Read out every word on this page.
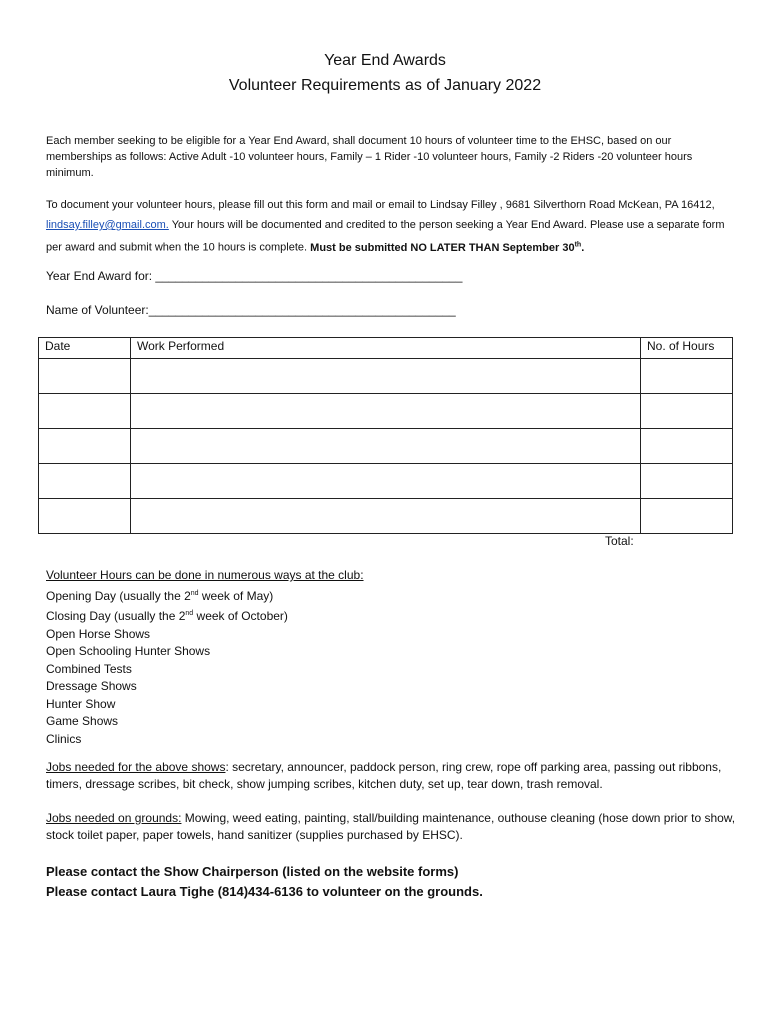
Year End Awards
Volunteer Requirements as of January 2022
Each member seeking to be eligible for a Year End Award, shall document 10 hours of volunteer time to the EHSC, based on our memberships as follows: Active Adult -10 volunteer hours, Family – 1 Rider -10 volunteer hours, Family -2 Riders -20 volunteer hours minimum.
To document your volunteer hours, please fill out this form and mail or email to Lindsay Filley , 9681 Silverthorn Road McKean, PA 16412, lindsay.filley@gmail.com. Your hours will be documented and credited to the person seeking a Year End Award. Please use a separate form per award and submit when the 10 hours is complete. Must be submitted NO LATER THAN September 30th.
Year End Award for: ______________________________________________
Name of Volunteer:______________________________________________
Date	Work Performed	No. of Hours

Total:
Volunteer Hours can be done in numerous ways at the club:
Opening Day (usually the 2nd week of May)
Closing Day (usually the 2nd week of October)
Open Horse Shows
Open Schooling Hunter Shows
Combined Tests
Dressage Shows
Hunter Show
Game Shows
Clinics
Jobs needed for the above shows: secretary, announcer, paddock person, ring crew, rope off parking area, passing out ribbons, timers, dressage scribes, bit check, show jumping scribes, kitchen duty, set up, tear down, trash removal.
Jobs needed on grounds: Mowing, weed eating, painting, stall/building maintenance, outhouse cleaning (hose down prior to show, stock toilet paper, paper towels, hand sanitizer (supplies purchased by EHSC).
Please contact the Show Chairperson (listed on the website forms)
Please contact Laura Tighe (814)434-6136 to volunteer on the grounds.
